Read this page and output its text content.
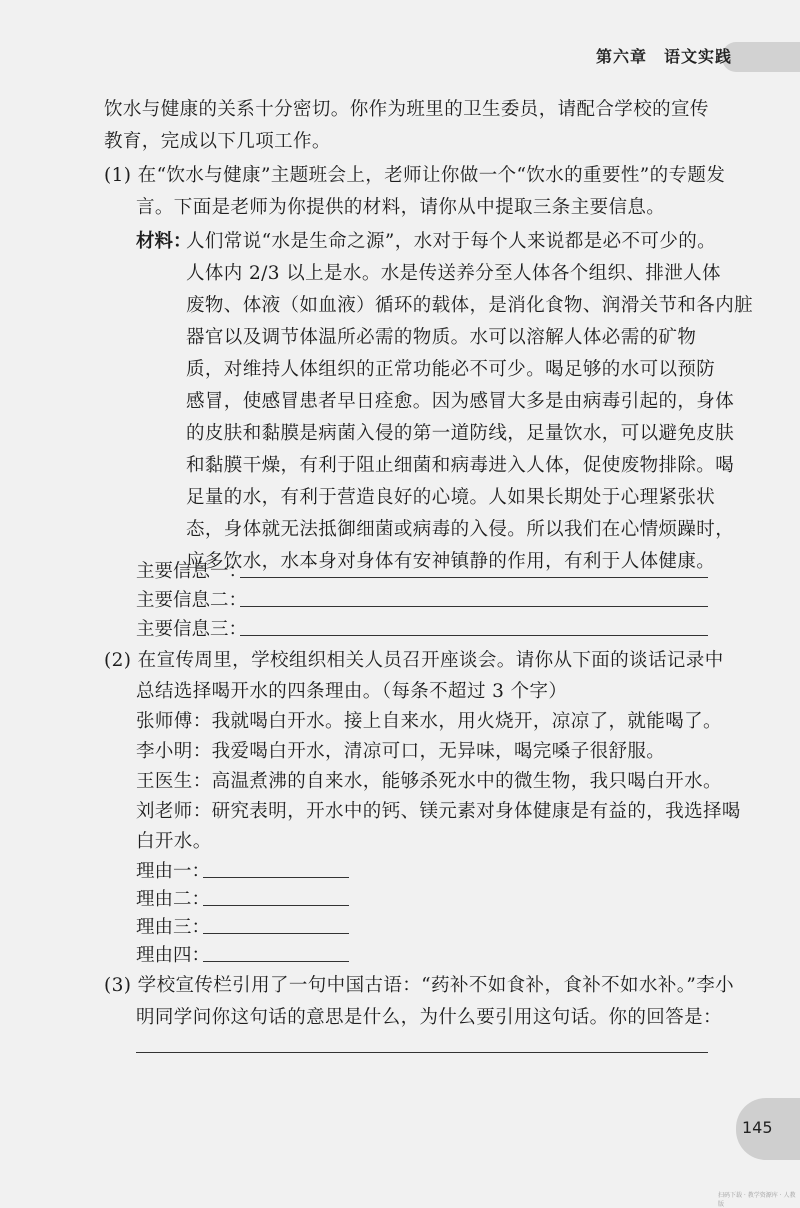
第六章　语文实践
饮水与健康的关系十分密切。你作为班里的卫生委员，请配合学校的宣传
教育，完成以下几项工作。
(1) 在“饮水与健康”主题班会上，老师让你做一个“饮水的重要性”的专题发
言。下面是老师为你提供的材料，请你从中提取三条主要信息。
材料：
人们常说“水是生命之源”，水对于每个人来说都是必不可少的。
人体内 2/3 以上是水。水是传送养分至人体各个组织、排泄人体
废物、体液（如血液）循环的载体，是消化食物、润滑关节和各内脏
器官以及调节体温所必需的物质。水可以溶解人体必需的矿物
质，对维持人体组织的正常功能必不可少。喝足够的水可以预防
感冒，使感冒患者早日痊愈。因为感冒大多是由病毒引起的，身体
的皮肤和黏膜是病菌入侵的第一道防线，足量饮水，可以避免皮肤
和黏膜干燥，有利于阻止细菌和病毒进入人体，促使废物排除。喝
足量的水，有利于营造良好的心境。人如果长期处于心理紧张状
态，身体就无法抵御细菌或病毒的入侵。所以我们在心情烦躁时，
应多饮水，水本身对身体有安神镇静的作用，有利于人体健康。
主要信息一：
主要信息二：
主要信息三：
(2) 在宣传周里，学校组织相关人员召开座谈会。请你从下面的谈话记录中
总结选择喝开水的四条理由。（每条不超过 3 个字）
张师傅：我就喝白开水。接上自来水，用火烧开，凉凉了，就能喝了。
李小明：我爱喝白开水，清凉可口，无异味，喝完嗓子很舒服。
王医生：高温煮沸的自来水，能够杀死水中的微生物，我只喝白开水。
刘老师：研究表明，开水中的钙、镁元素对身体健康是有益的，我选择喝
白开水。
理由一：
理由二：
理由三：
理由四：
(3) 学校宣传栏引用了一句中国古语：“药补不如食补，食补不如水补。”李小
明同学问你这句话的意思是什么，为什么要引用这句话。你的回答是：
145
扫码下载 · 教学资源库 · 人教版
